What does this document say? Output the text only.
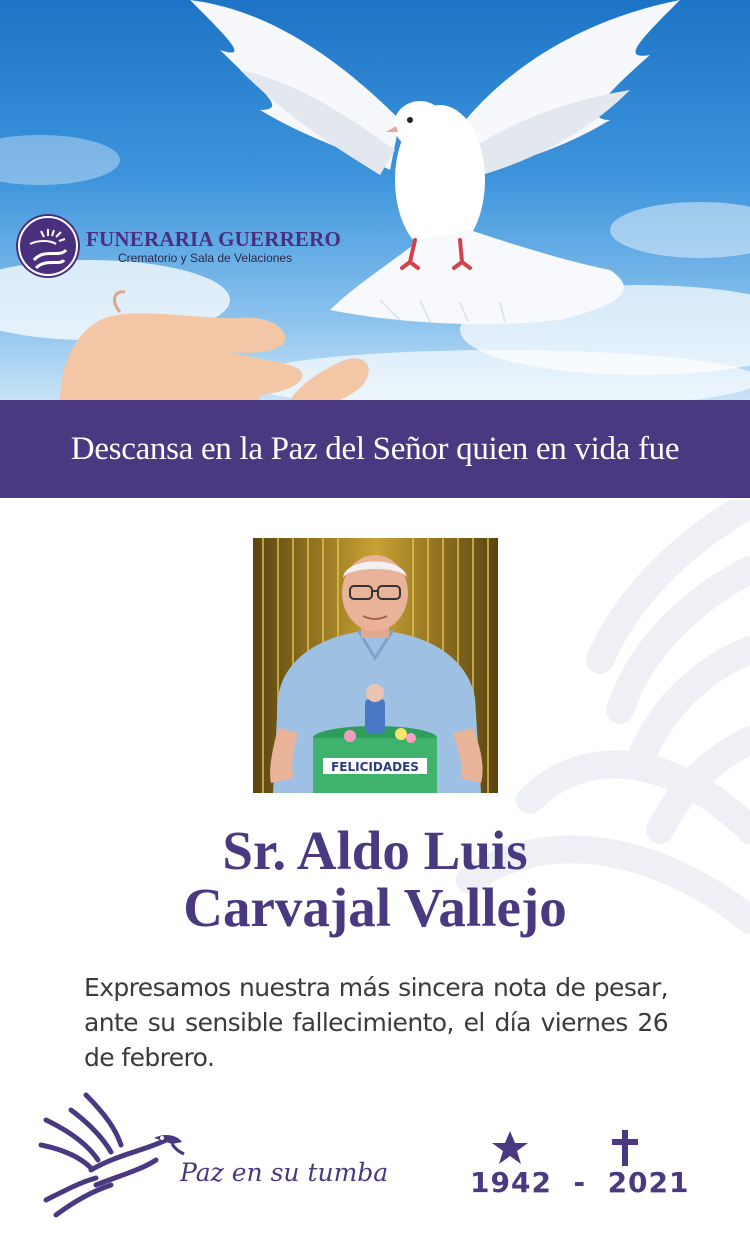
FUNERARIA GUERRERO
Crematorio y Sala de Velaciones
Descansa en la Paz del Señor quien en vida fue
FELICIDADES
Sr. Aldo Luis
Carvajal Vallejo
Expresamos nuestra más sincera nota de pesar, ante su sensible fallecimiento, el día viernes 26 de febrero.
Paz en su tumba	1942 - 2021
